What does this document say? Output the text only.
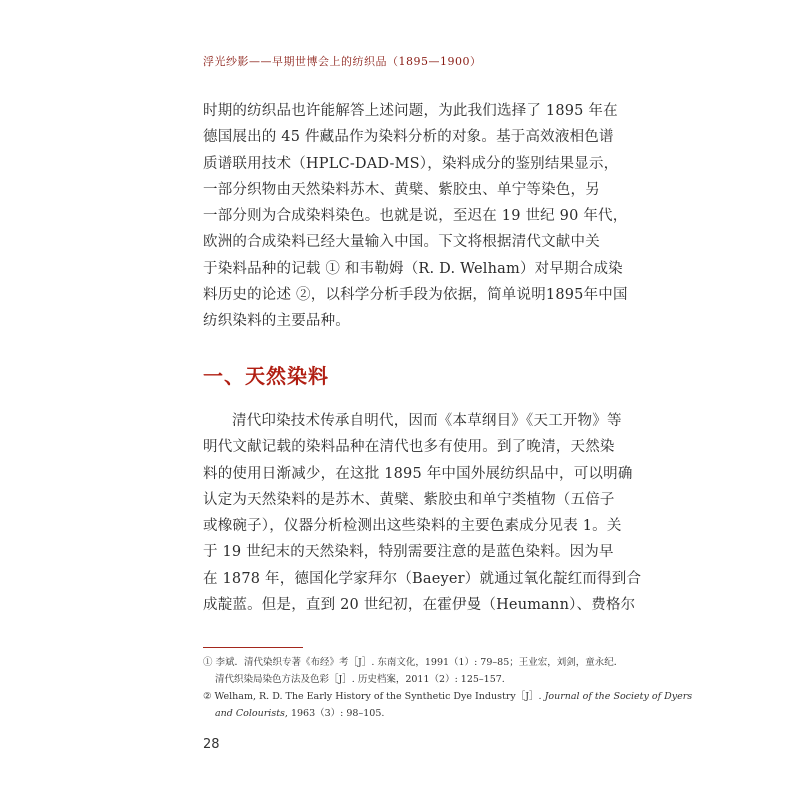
浮光纱影——早期世博会上的纺织品（1895—1900）
时期的纺织品也许能解答上述问题，为此我们选择了 1895 年在
德国展出的 45 件藏品作为染料分析的对象。基于高效液相色谱
质谱联用技术（HPLC-DAD-MS），染料成分的鉴别结果显示，
一部分织物由天然染料苏木、黄檗、紫胶虫、单宁等染色，另
一部分则为合成染料染色。也就是说，至迟在 19 世纪 90 年代，
欧洲的合成染料已经大量输入中国。下文将根据清代文献中关
于染料品种的记载 ① 和韦勒姆（R. D. Welham）对早期合成染
料历史的论述 ②，以科学分析手段为依据，简单说明1895年中国
纺织染料的主要品种。
一、天然染料
清代印染技术传承自明代，因而《本草纲目》《天工开物》等
明代文献记载的染料品种在清代也多有使用。到了晚清，天然染
料的使用日渐减少，在这批 1895 年中国外展纺织品中，可以明确
认定为天然染料的是苏木、黄檗、紫胶虫和单宁类植物（五倍子
或橡碗子），仪器分析检测出这些染料的主要色素成分见表 1。关
于 19 世纪末的天然染料，特别需要注意的是蓝色染料。因为早
在 1878 年，德国化学家拜尔（Baeyer）就通过氧化靛红而得到合
成靛蓝。但是，直到 20 世纪初，在霍伊曼（Heumann）、费格尔
① 李斌．清代染织专著《布经》考［J］. 东南文化，1991（1）: 79–85；王业宏，刘剑，童永纪．
清代织染局染色方法及色彩［J］. 历史档案，2011（2）: 125–157.
② Welham, R. D. The Early History of the Synthetic Dye Industry［J］. Journal of the Society of Dyers
and Colourists, 1963（3）: 98–105.
28
